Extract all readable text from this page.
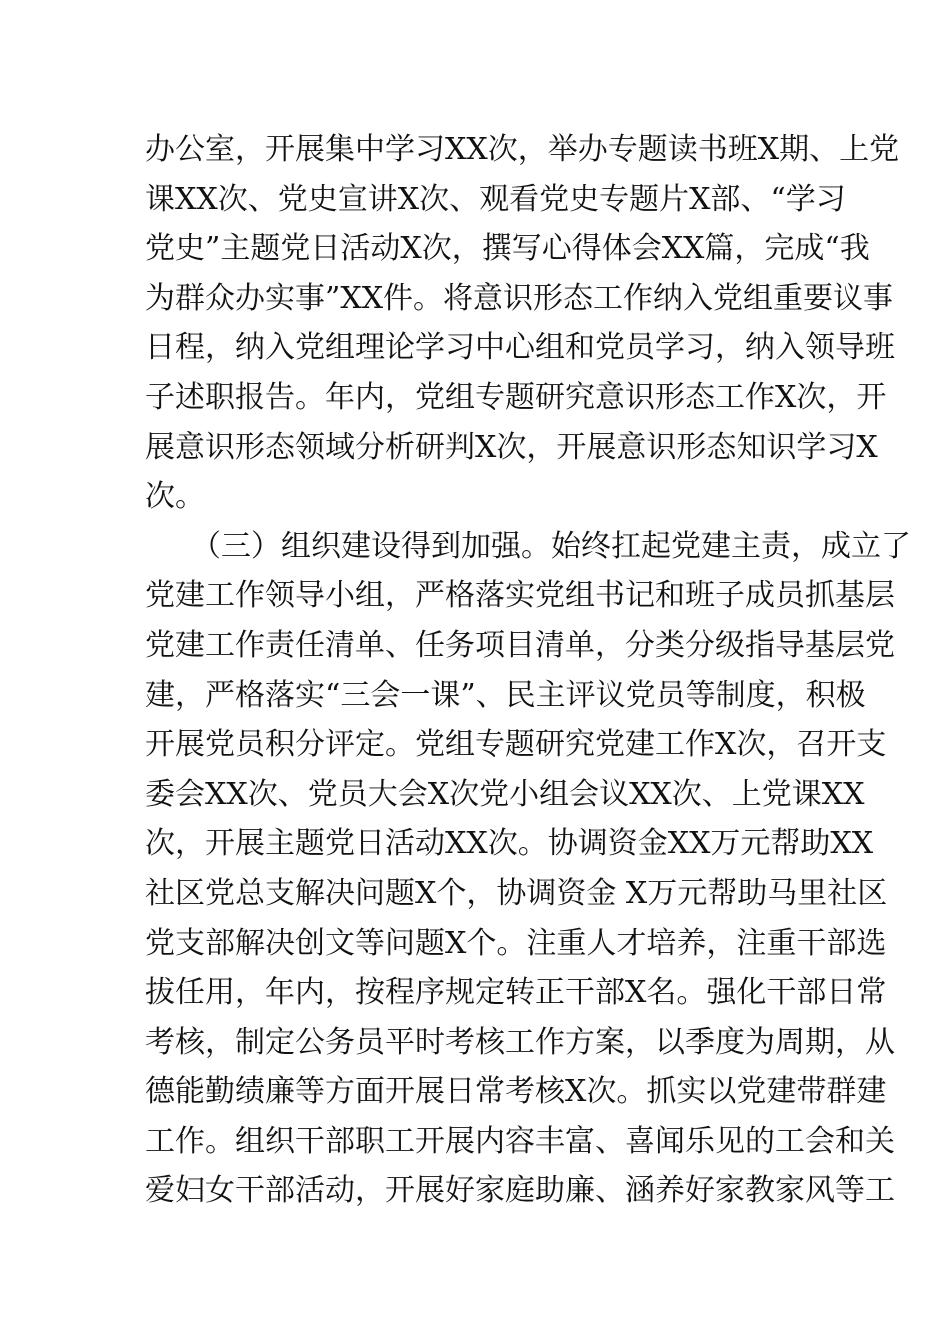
办公室，开展集中学习XX次，举办专题读书班X期、上党
课XX次、党史宣讲X次、观看党史专题片X部、“学习
党史”主题党日活动X次，撰写心得体会XX篇，完成“我
为群众办实事”XX件。将意识形态工作纳入党组重要议事
日程，纳入党组理论学习中心组和党员学习，纳入领导班
子述职报告。年内，党组专题研究意识形态工作X次，开
展意识形态领域分析研判X次，开展意识形态知识学习X
次。
（三）组织建设得到加强。始终扛起党建主责，成立了
党建工作领导小组，严格落实党组书记和班子成员抓基层
党建工作责任清单、任务项目清单，分类分级指导基层党
建，严格落实“三会一课”、民主评议党员等制度，积极
开展党员积分评定。党组专题研究党建工作X次，召开支
委会XX次、党员大会X次党小组会议XX次、上党课XX
次，开展主题党日活动XX次。协调资金XX万元帮助XX
社区党总支解决问题X个，协调资金 X万元帮助马里社区
党支部解决创文等问题X个。注重人才培养，注重干部选
拔任用，年内，按程序规定转正干部X名。强化干部日常
考核，制定公务员平时考核工作方案，以季度为周期，从
德能勤绩廉等方面开展日常考核X次。抓实以党建带群建
工作。组织干部职工开展内容丰富、喜闻乐见的工会和关
爱妇女干部活动，开展好家庭助廉、涵养好家教家风等工
